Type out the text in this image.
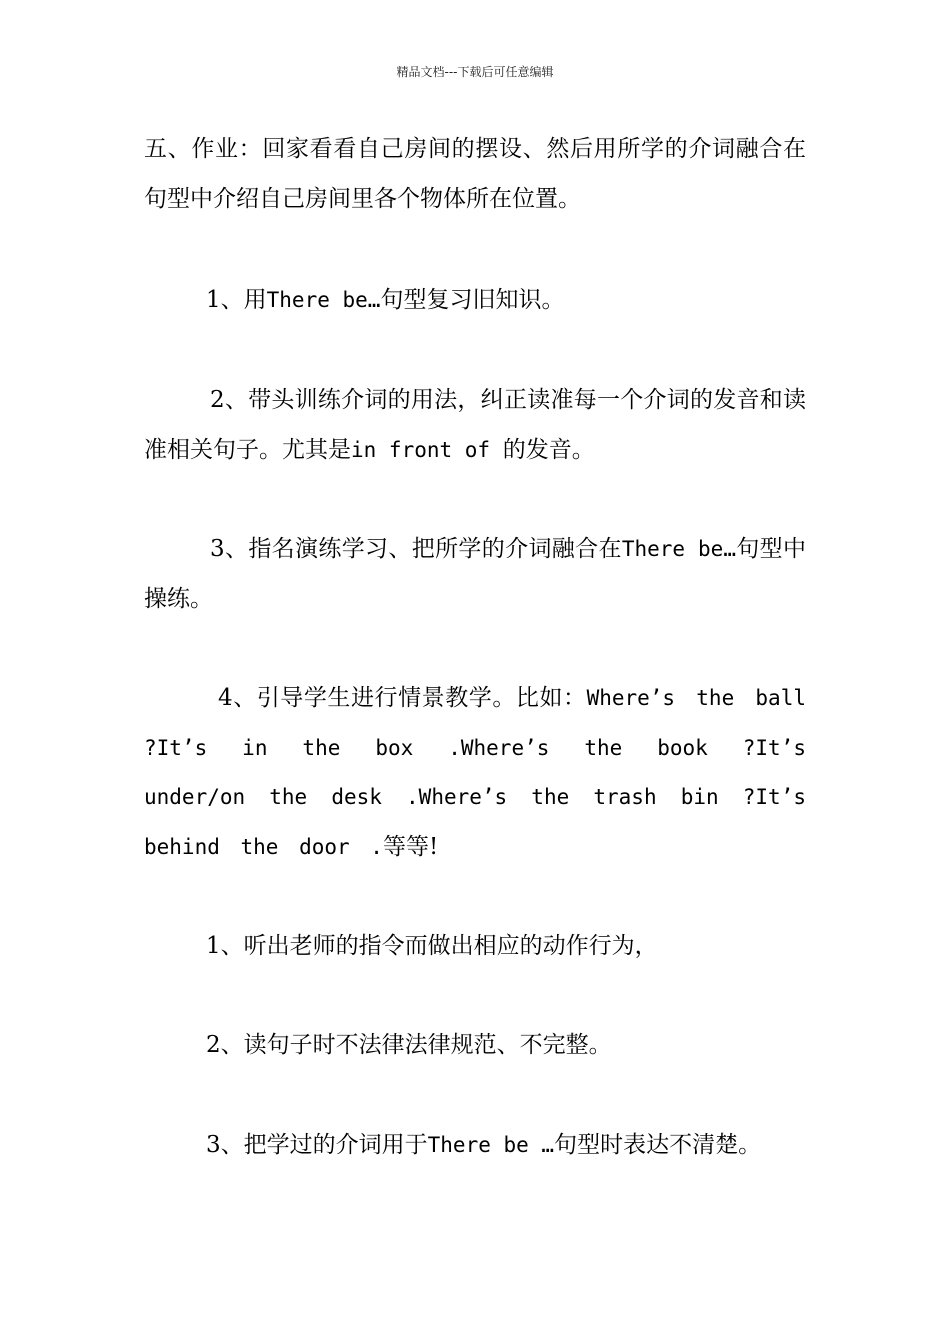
精品文档---下载后可任意编辑

五、作业：回家看看自己房间的摆设、然后用所学的介词融合在句型中介绍自己房间里各个物体所在位置。

1、用There be…句型复习旧知识。

2、带头训练介词的用法，纠正读准每一个介词的发音和读准相关句子。尤其是in front of 的发音。

3、指名演练学习、把所学的介词融合在There be…句型中操练。

4、引导学生进行情景教学。比如：Where’s the ball ?It’s in the box .Where’s the book ?It’s under/on the desk .Where’s the trash bin ?It’s behind the door .等等!

1、听出老师的指令而做出相应的动作行为，

2、读句子时不法律法律规范、不完整。

3、把学过的介词用于There be …句型时表达不清楚。
